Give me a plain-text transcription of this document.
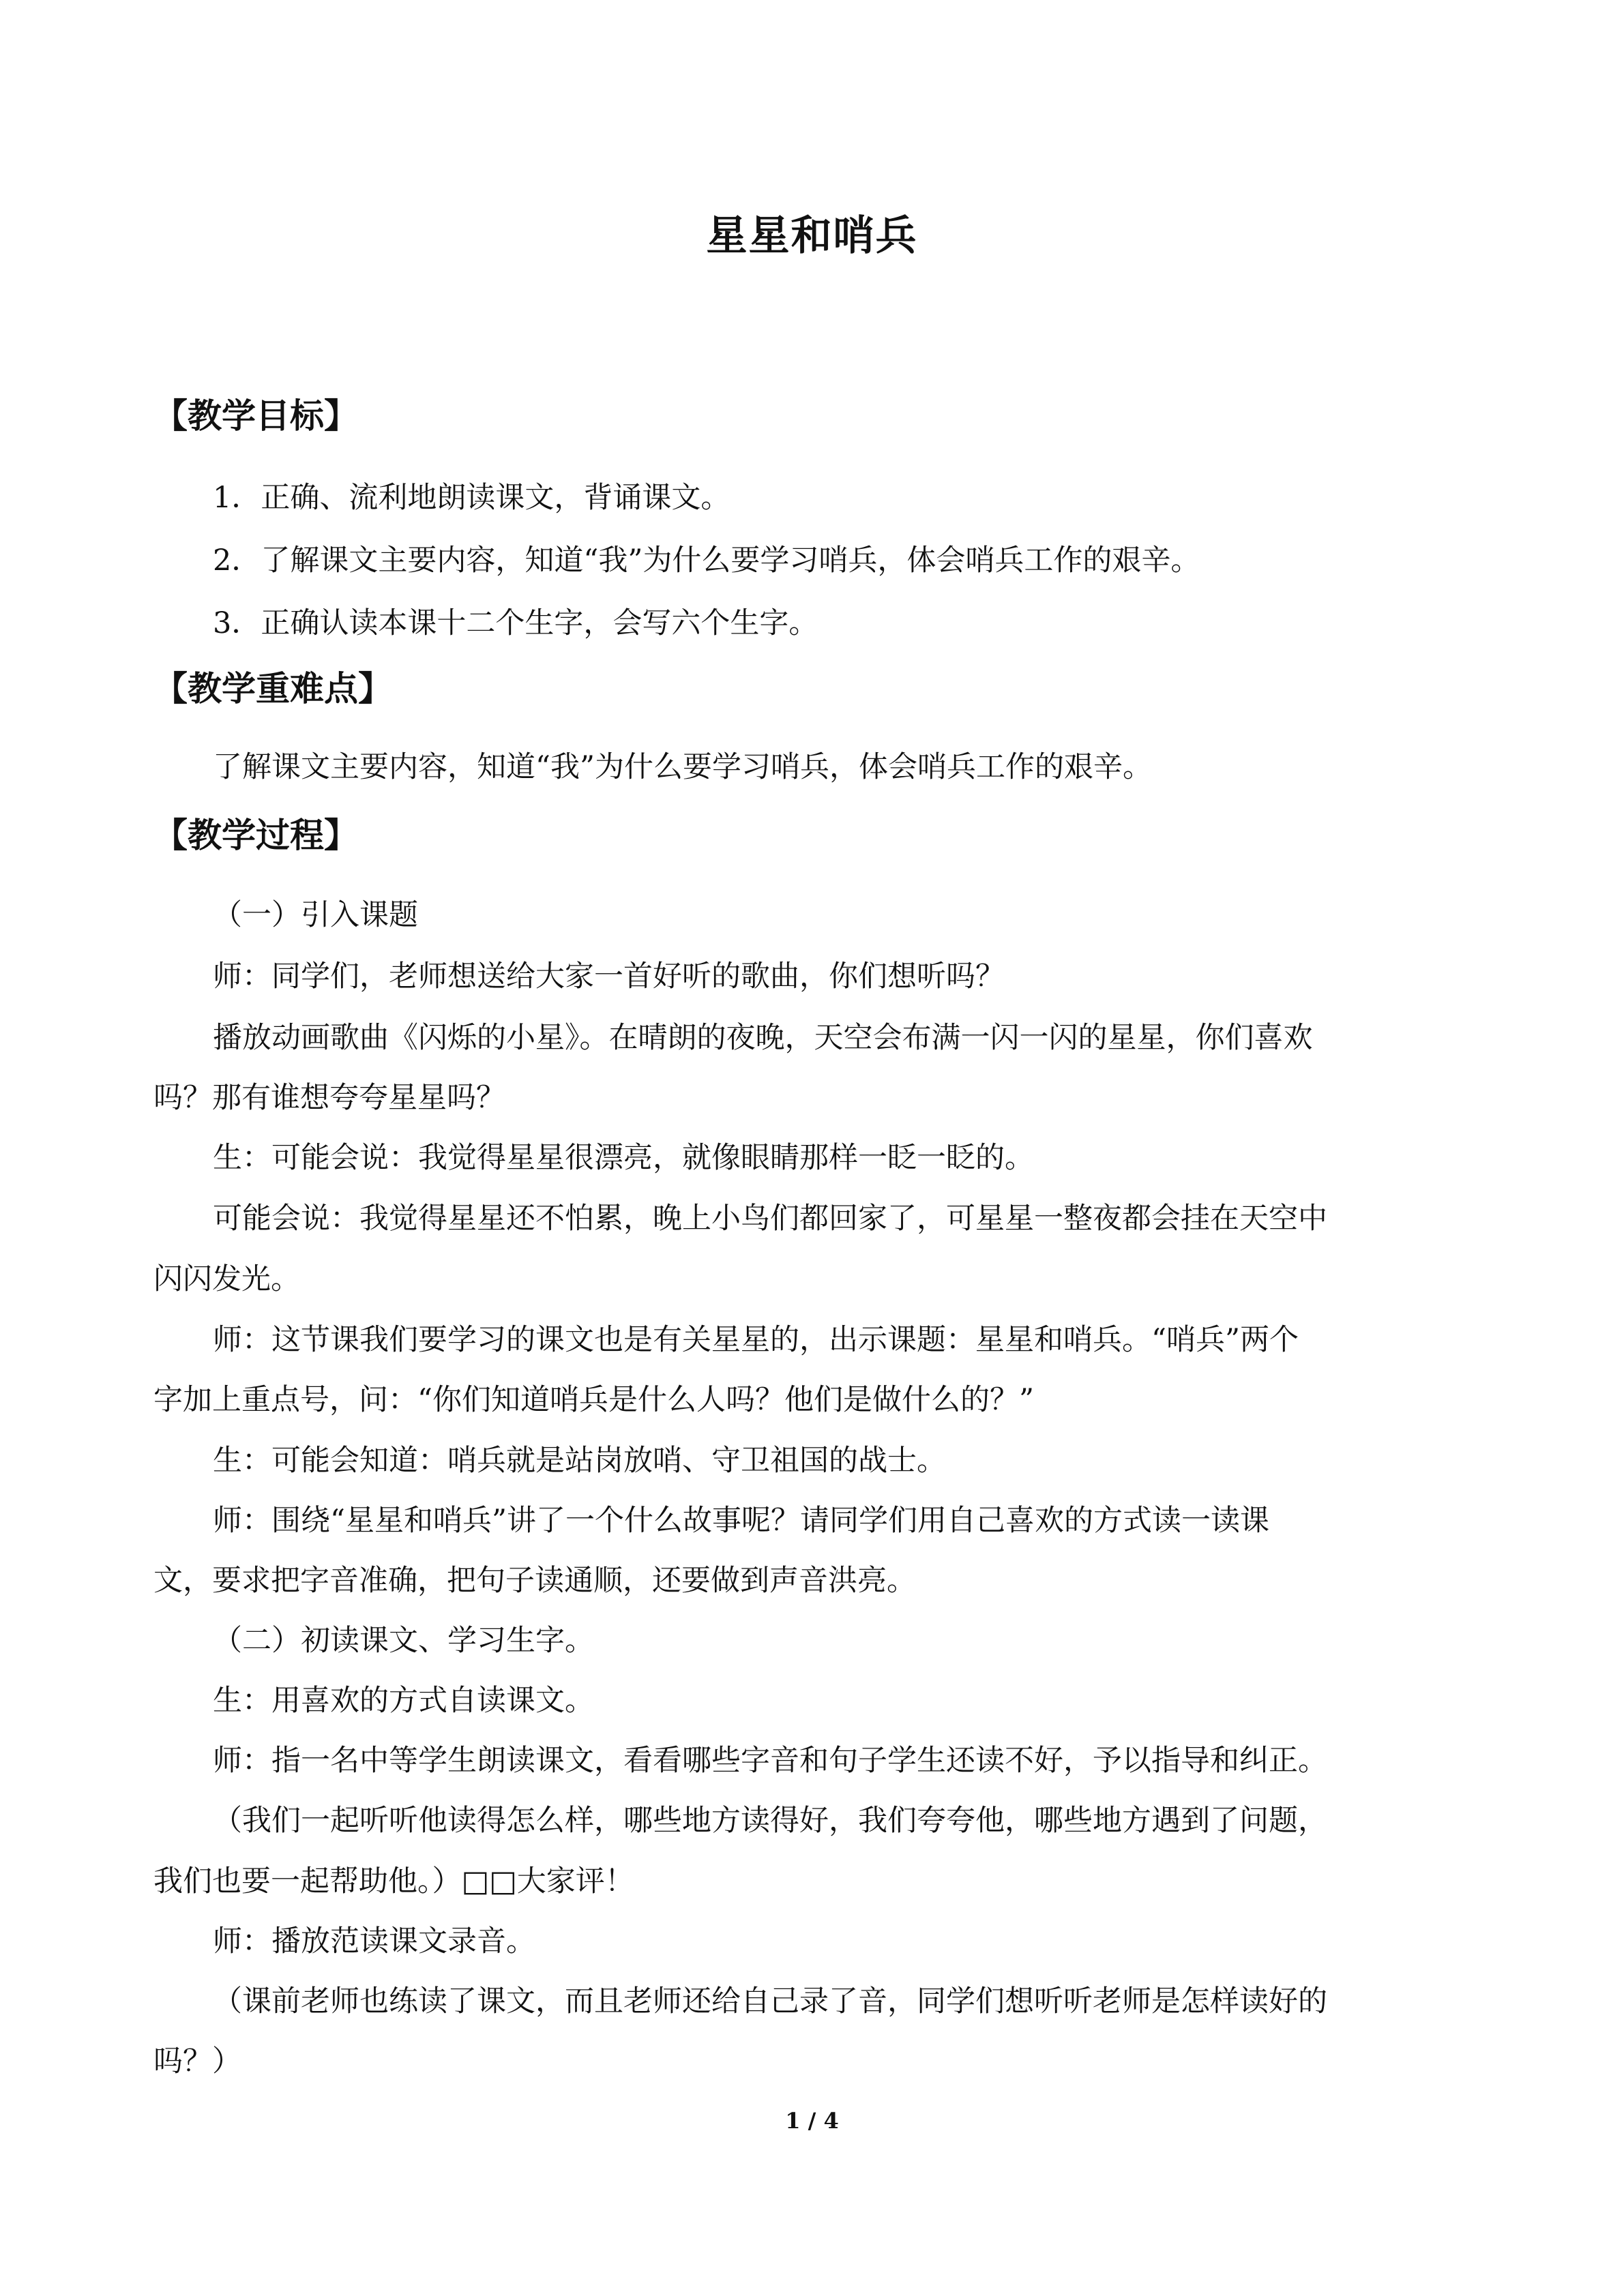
星星和哨兵
【教学目标】
1．正确、流利地朗读课文，背诵课文。
2．了解课文主要内容，知道“我”为什么要学习哨兵，体会哨兵工作的艰辛。
3．正确认读本课十二个生字，会写六个生字。
【教学重难点】
了解课文主要内容，知道“我”为什么要学习哨兵，体会哨兵工作的艰辛。
【教学过程】
（一）引入课题
师：同学们，老师想送给大家一首好听的歌曲，你们想听吗？
播放动画歌曲《闪烁的小星》。在晴朗的夜晚，天空会布满一闪一闪的星星，你们喜欢
吗？那有谁想夸夸星星吗？
生：可能会说：我觉得星星很漂亮，就像眼睛那样一眨一眨的。
可能会说：我觉得星星还不怕累，晚上小鸟们都回家了，可星星一整夜都会挂在天空中
闪闪发光。
师：这节课我们要学习的课文也是有关星星的，出示课题：星星和哨兵。“哨兵”两个
字加上重点号，问：“你们知道哨兵是什么人吗？他们是做什么的？”
生：可能会知道：哨兵就是站岗放哨、守卫祖国的战士。
师：围绕“星星和哨兵”讲了一个什么故事呢？请同学们用自己喜欢的方式读一读课
文，要求把字音准确，把句子读通顺，还要做到声音洪亮。
（二）初读课文、学习生字。
生：用喜欢的方式自读课文。
师：指一名中等学生朗读课文，看看哪些字音和句子学生还读不好，予以指导和纠正。
（我们一起听听他读得怎么样，哪些地方读得好，我们夸夸他，哪些地方遇到了问题，
我们也要一起帮助他。）□□大家评！
师：播放范读课文录音。
（课前老师也练读了课文，而且老师还给自己录了音，同学们想听听老师是怎样读好的
吗？）
1 / 4
